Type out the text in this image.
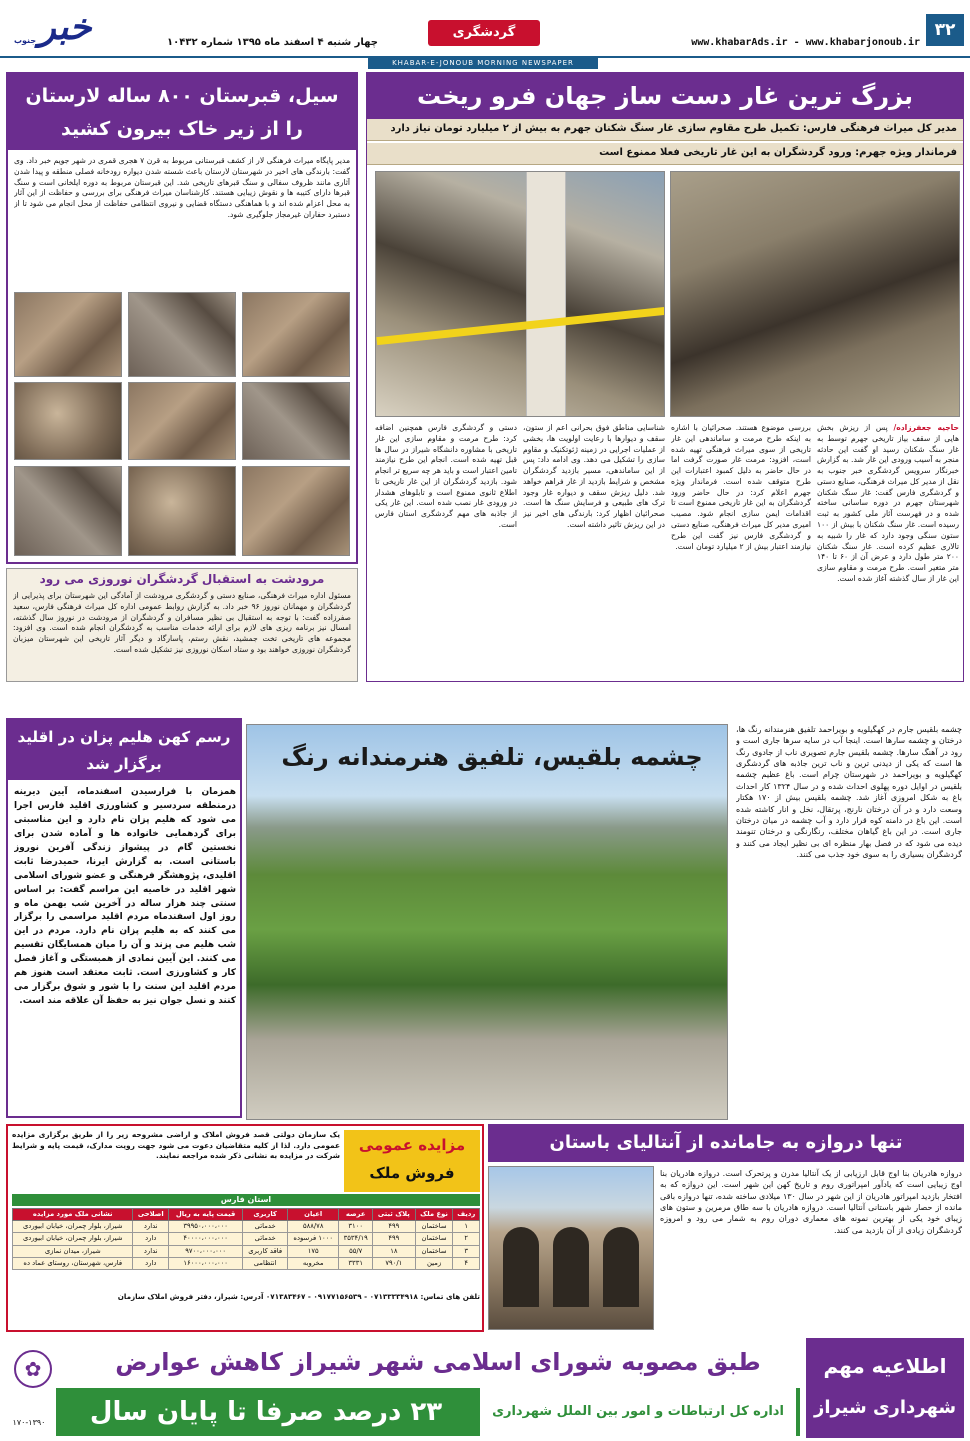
خبر
جنوب	چهار شنبه ۴ اسفند ماه ۱۳۹۵ شماره ۱۰۴۳۲
گردشگری
www.khabarAds.ir - www.khabarjonoub.ir
۳۲
KHABAR-E-JONOUB MORNING NEWSPAPER
بزرگ ترین غار دست ساز جهان فرو ریخت
مدیر کل میراث فرهنگی فارس: تکمیل طرح مقاوم سازی غار سنگ شکنان جهرم به بیش از ۲ میلیارد تومان نیاز دارد
فرماندار ویژه جهرم: ورود گردشگران به این غار تاریخی فعلا ممنوع است
حاجیه جعفرزاده/ پس از ریزش بخش هایی از سقف بیاز تاریخی جهرم توسط به غار سنگ شکنان رسید او گفت این حادثه منجر به آسیب ورودی این غار شد. به گزارش خبرنگار سرویس گردشگری خبر جنوب به نقل از مدیر کل میراث فرهنگی، صنایع دستی و گردشگری فارس گفت: غار سنگ شکنان شهرستان جهرم در دوره ساسانی ساخته شده و در فهرست آثار ملی کشور به ثبت رسیده است. غار سنگ شکنان با بیش از ۱۰۰ ستون سنگی وجود دارد که غار را شبیه به تالاری عظیم کرده است. غار سنگ شکنان ۲۰۰ متر طول دارد و عرض آن از ۶۰ تا ۱۴۰ متر متغیر است. طرح مرمت و مقاوم سازی این غار از سال گذشته آغاز شده است.
بررسی موضوع هستند. صحرائیان با اشاره به اینکه طرح مرمت و ساماندهی این غار تاریخی از سوی میراث فرهنگی تهیه شده است، افزود: مرمت غار صورت گرفت اما در حال حاضر به دلیل کمبود اعتبارات این طرح متوقف شده است. فرماندار ویژه جهرم اعلام کرد: در حال حاضر ورود گردشگران به این غار تاریخی ممنوع است تا اقدامات ایمن سازی انجام شود. مصیب امیری مدیر کل میراث فرهنگی، صنایع دستی و گردشگری فارس نیز گفت این طرح نیازمند اعتبار بیش از ۲ میلیارد تومان است.
شناسایی مناطق فوق بحرانی اعم از ستون، سقف و دیوارها با رعایت اولویت ها، بخشی از عملیات اجرایی در زمینه ژئوتکنیک و مقاوم سازی را تشکیل می دهد. وی ادامه داد: پس از این ساماندهی، مسیر بازدید گردشگران مشخص و شرایط بازدید از غار فراهم خواهد شد. دلیل ریزش سقف و دیواره غار وجود ترک های طبیعی و فرسایش سنگ ها است. صحرائیان اظهار کرد: بارندگی های اخیر نیز در این ریزش تاثیر داشته است.
دستی و گردشگری فارس همچنین اضافه کرد: طرح مرمت و مقاوم سازی این غار تاریخی با مشاوره دانشگاه شیراز در سال ها قبل تهیه شده است. انجام این طرح نیازمند تامین اعتبار است و باید هر چه سریع تر انجام شود. بازدید گردشگران از این غار تاریخی تا اطلاع ثانوی ممنوع است و تابلوهای هشدار در ورودی غار نصب شده است. این غار یکی از جاذبه های مهم گردشگری استان فارس است.
سیل، قبرستان ۸۰۰ ساله لارستان
را از زیر خاک بیرون کشید
مدیر پایگاه میراث فرهنگی لار از کشف قبرستانی مربوط به قرن ۷ هجری قمری در شهر جویم خبر داد. وی گفت: بارندگی های اخیر در شهرستان لارستان باعث شسته شدن دیواره رودخانه فصلی منطقه و پیدا شدن آثاری مانند ظروف سفالی و سنگ قبرهای تاریخی شد. این قبرستان مربوط به دوره ایلخانی است و سنگ قبرها دارای کتیبه ها و نقوش زیبایی هستند. کارشناسان میراث فرهنگی برای بررسی و حفاظت از این آثار به محل اعزام شده اند و با هماهنگی دستگاه قضایی و نیروی انتظامی حفاظت از محل انجام می شود تا از دستبرد حفاران غیرمجاز جلوگیری شود.
مرودشت به استقبال گردشگران نوروزی می رود
مسئول اداره میراث فرهنگی، صنایع دستی و گردشگری مرودشت از آمادگی این شهرستان برای پذیرایی از گردشگران و مهمانان نوروز ۹۶ خبر داد. به گزارش روابط عمومی اداره کل میراث فرهنگی فارس، سعید صفرزاده گفت: با توجه به استقبال بی نظیر مسافران و گردشگران از مرودشت در نوروز سال گذشته، امسال نیز برنامه ریزی های لازم برای ارائه خدمات مناسب به گردشگران انجام شده است. وی افزود: مجموعه های تاریخی تخت جمشید، نقش رستم، پاسارگاد و دیگر آثار تاریخی این شهرستان میزبان گردشگران نوروزی خواهند بود و ستاد اسکان نوروزی نیز تشکیل شده است.
رسم کهن هلیم پزان در اقلید
برگزار شد
همزمان با فرارسیدن اسفندماه، آیین دیرینه درمنطقه سردسیر و کشاورزی اقلید فارس اجرا می شود که هلیم پزان نام دارد و این مناسبتی برای گردهمایی خانواده ها و آماده شدن برای نخستین گام در پیشواز زندگی آفرین نوروز باستانی است. به گزارش ایرنا، حمیدرضا ثابت اقلیدی، پژوهشگر فرهنگی و عضو شورای اسلامی شهر اقلید در خاصیه این مراسم گفت: بر اساس سنتی چند هزار ساله در آخرین شب بهمن ماه و روز اول اسفندماه مردم اقلید مراسمی را برگزار می کنند که به هلیم پزان نام دارد. مردم در این شب هلیم می پزند و آن را میان همسایگان تقسیم می کنند. این آیین نمادی از همبستگی و آغاز فصل کار و کشاورزی است. ثابت معتقد است هنوز هم مردم اقلید این سنت را با شور و شوق برگزار می کنند و نسل جوان نیز به حفظ آن علاقه مند است.
چشمه بلقیس، تلفیق هنرمندانه رنگ
چشمه بلقیس جارم در کهگیلویه و بویراحمد تلفیق هنرمندانه رنگ ها، درختان و چشمه سارها است. اینجا آب در سایه سرها جاری است و رود در آهنگ سارها. چشمه بلقیس جارم تصویری ناب از جادوی رنگ ها است که یکی از دیدنی ترین و ناب ترین جاذبه های گردشگری کهگیلویه و بویراحمد در شهرستان چرام است. باغ عظیم چشمه بلقیس در اوایل دوره پهلوی احداث شده و در سال ۱۳۲۴ کار احداث باغ به شکل امروزی آغاز شد. چشمه بلقیس بیش از ۱۷۰ هکتار وسعت دارد و در آن درختان نارنج، پرتقال، نخل و انار کاشته شده است. این باغ در دامنه کوه قرار دارد و آب چشمه در میان درختان جاری است. در این باغ گیاهان مختلف، رنگارنگی و درختان تنومند دیده می شود که در فصل بهار منظره ای بی نظیر ایجاد می کنند و گردشگران بسیاری را به سوی خود جذب می کنند.
مزایده عمومی
فروش ملک
یک سازمان دولتی قصد فروش املاک و اراضی مشروحه زیر را از طریق برگزاری مزایده عمومی دارد. لذا از کلیه متقاضیان دعوت می شود جهت رویت مدارک، قیمت پایه و شرایط شرکت در مزایده به نشانی ذکر شده مراجعه نمایند.
استان فارس
ردیف	نوع ملک	پلاک ثبتی	عرصه	اعیان	کاربری	قیمت پایه به ریال	اصلاحی	نشانی ملک مورد مزایده
۱	ساختمان	۴۹۹	۳۱۰۰	۵۸۸/۷۸	خدماتی	۳۹۹۵۰،۰۰۰،۰۰۰	ندارد	شیراز، بلوار چمران، خیابان ابیوردی
۲	ساختمان	۴۹۹	۳۵۳۴/۱۹	۱۰۰۰ فرسوده	خدماتی	۴۰۰۰۰،۰۰۰،۰۰۰	دارد	شیراز، بلوار چمران، خیابان ابیوردی
۳	ساختمان	۱۸	۵۵/۷	۱۷۵	فاقد کاربری	۹۷۰۰،۰۰۰،۰۰۰	ندارد	شیراز، میدان نمازی
۴	زمین	۷۹۰/۱	۳۳۳۱	مخروبه	انتظامی	۱۶۰۰۰،۰۰۰،۰۰۰	دارد	فارس، شهرستان، روستای عماد ده
تلفن های تماس: ۰۷۱۳۳۳۳۴۹۱۸ - ۰۹۱۷۷۱۵۶۵۳۹ - ۰۷۱۳۸۳۴۶۷ آدرس: شیراز، دفتر فروش املاک سازمان
تنها دروازه به جامانده از آنتالیای باستان
دروازه هادریان بنا اوج قابل ارزیابی از یک آنتالیا مدرن و پرتحرک است. دروازه هادریان بنا اوج زیبایی است که یادآور امپراتوری روم و تاریخ کهن این شهر است. این دروازه که به افتخار بازدید امپراتور هادریان از این شهر در سال ۱۳۰ میلادی ساخته شده، تنها دروازه باقی مانده از حصار شهر باستانی آنتالیا است. دروازه هادریان با سه طاق مرمرین و ستون های زیبای خود یکی از بهترین نمونه های معماری دوران روم به شمار می رود و امروزه گردشگران زیادی از آن بازدید می کنند.
اطلاعیه مهم
شهرداری شیراز
طبق مصوبه شورای اسلامی شهر شیراز کاهش عوارض
۲۳ درصد صرفا تا پایان سال	اداره کل ارتباطات و امور بین الملل شهرداری
✿
۱۷۰-۱۳۹۰
